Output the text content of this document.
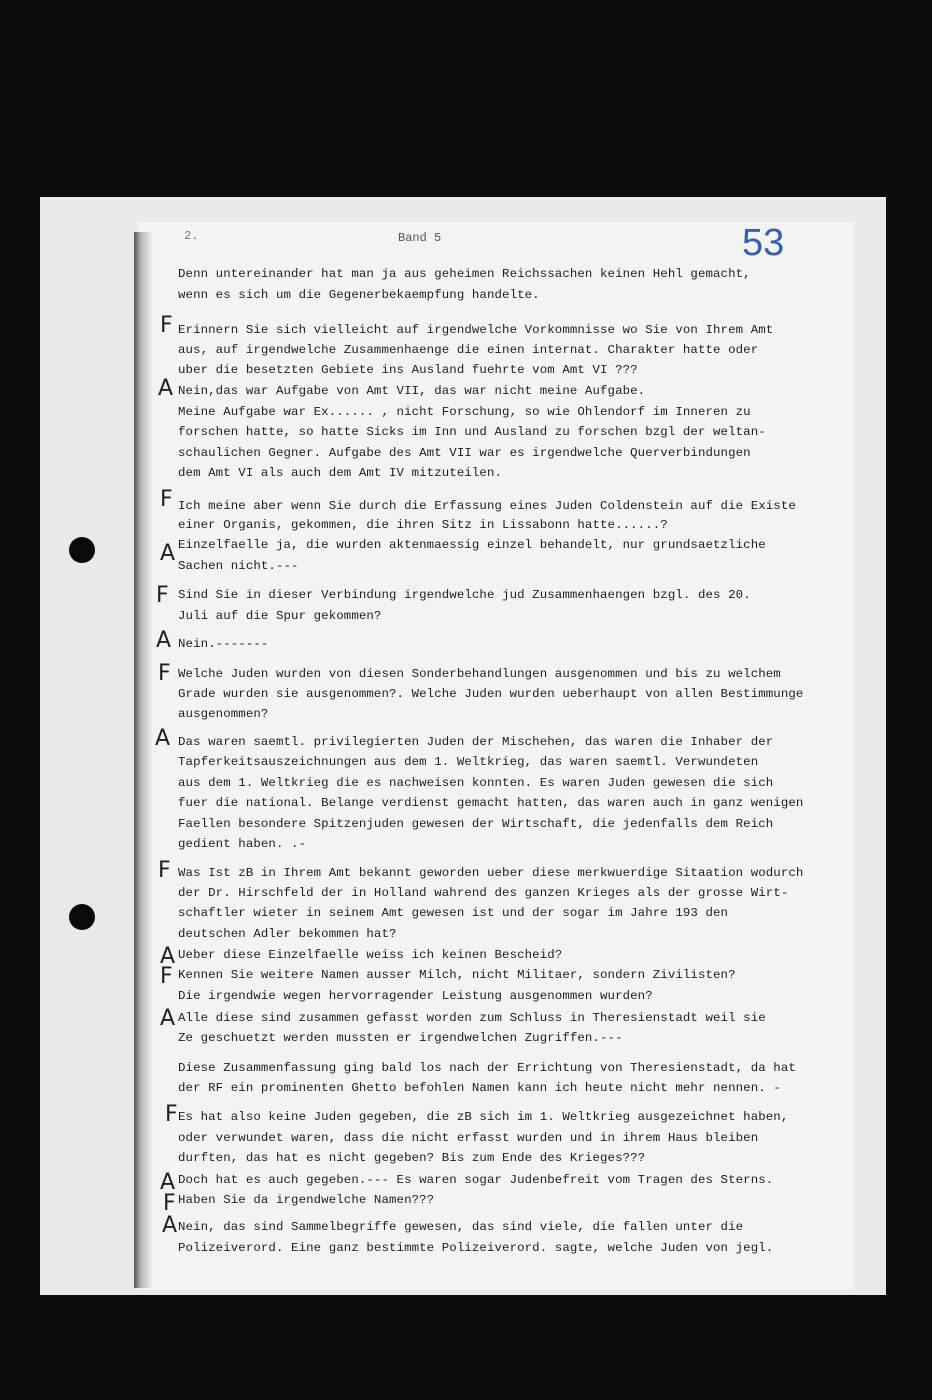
2.	Band 5	53
Denn untereinander hat man ja aus geheimen Reichssachen keinen Hehl gemacht,
wenn es sich um die Gegenerbekaempfung handelte.
Erinnern Sie sich vielleicht auf irgendwelche Vorkommnisse wo Sie von Ihrem Amt
aus, auf irgendwelche Zusammenhaenge die einen internat. Charakter hatte oder
uber die besetzten Gebiete ins Ausland fuehrte vom Amt VI ???
Nein,das war Aufgabe von Amt VII, das war nicht meine Aufgabe.
Meine Aufgabe war Ex...... , nicht Forschung, so wie Ohlendorf im Inneren zu
forschen hatte, so hatte Sicks im Inn und Ausland zu forschen bzgl der weltan-
schaulichen Gegner. Aufgabe des Amt VII war es irgendwelche Querverbindungen
dem Amt VI als auch dem Amt IV mitzuteilen.
Ich meine aber wenn Sie durch die Erfassung eines Juden Coldenstein auf die Existe
einer Organis, gekommen, die ihren Sitz in Lissabonn hatte......?
Einzelfaelle ja, die wurden aktenmaessig einzel behandelt, nur grundsaetzliche
Sachen nicht.---
Sind Sie in dieser Verbindung irgendwelche jud Zusammenhaengen bzgl. des 20.
Juli auf die Spur gekommen?
Nein.-------
Welche Juden wurden von diesen Sonderbehandlungen ausgenommen und bis zu welchem
Grade wurden sie ausgenommen?. Welche Juden wurden ueberhaupt von allen Bestimmunge
ausgenommen?
Das waren saemtl. privilegierten Juden der Mischehen, das waren die Inhaber der
Tapferkeitsauszeichnungen aus dem 1. Weltkrieg, das waren saemtl. Verwundeten
aus dem 1. Weltkrieg die es nachweisen konnten. Es waren Juden gewesen die sich
fuer die national. Belange verdienst gemacht hatten, das waren auch in ganz wenigen
Faellen besondere Spitzenjuden gewesen der Wirtschaft, die jedenfalls dem Reich
gedient haben. .-
Was Ist zB in Ihrem Amt bekannt geworden ueber diese merkwuerdige Sitaation wodurch
der Dr. Hirschfeld der in Holland wahrend des ganzen Krieges als der grosse Wirt-
schaftler wieter in seinem Amt gewesen ist und der sogar im Jahre 193 den
deutschen Adler bekommen hat?
Ueber diese Einzelfaelle weiss ich keinen Bescheid?
Kennen Sie weitere Namen ausser Milch, nicht Militaer, sondern Zivilisten?
Die irgendwie wegen hervorragender Leistung ausgenommen wurden?
Alle diese sind zusammen gefasst worden zum Schluss in Theresienstadt weil sie
Ze geschuetzt werden mussten er irgendwelchen Zugriffen.---
Diese Zusammenfassung ging bald los nach der Errichtung von Theresienstadt, da hat
der RF ein prominenten Ghetto befohlen Namen kann ich heute nicht mehr nennen. -
Es hat also keine Juden gegeben, die zB sich im 1. Weltkrieg ausgezeichnet haben,
oder verwundet waren, dass die nicht erfasst wurden und in ihrem Haus bleiben
durften, das hat es nicht gegeben? Bis zum Ende des Krieges???
Doch hat es auch gegeben.--- Es waren sogar Judenbefreit vom Tragen des Sterns.
Haben Sie da irgendwelche Namen???
Nein, das sind Sammelbegriffe gewesen, das sind viele, die fallen unter die
Polizeiverord. Eine ganz bestimmte Polizeiverord. sagte, welche Juden von jegl.
F
A
F
A
F
A
F
A
F
A
F
A
F
A
F
A
